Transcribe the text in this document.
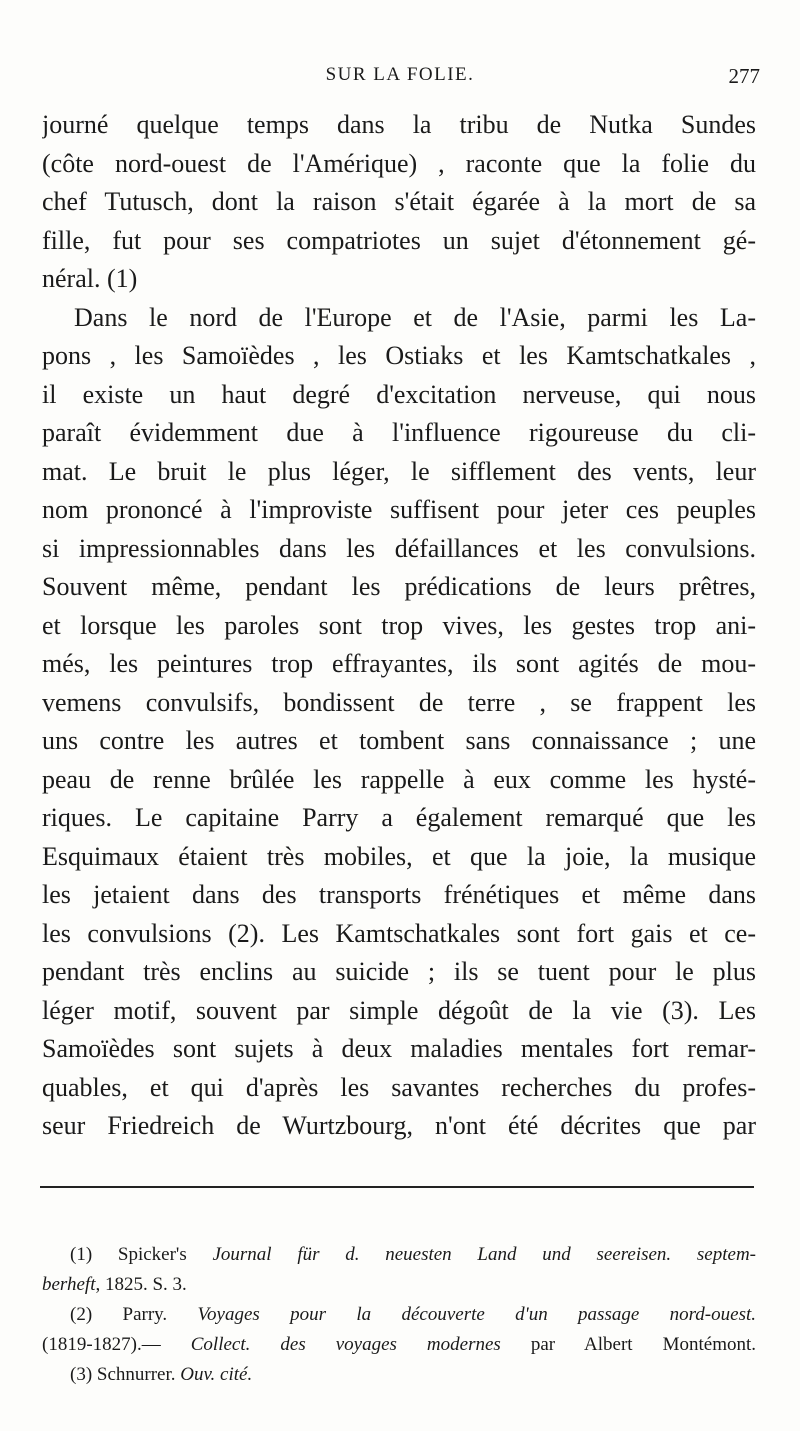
SUR LA FOLIE.	277
journé quelque temps dans la tribu de Nutka Sundes
(côte nord-ouest de l'Amérique) , raconte que la folie du
chef Tutusch, dont la raison s'était égarée à la mort de sa
fille, fut pour ses compatriotes un sujet d'étonnement gé-
néral. (1)
Dans le nord de l'Europe et de l'Asie, parmi les La-
pons , les Samoïèdes , les Ostiaks et les Kamtschatkales ,
il existe un haut degré d'excitation nerveuse, qui nous
paraît évidemment due à l'influence rigoureuse du cli-
mat. Le bruit le plus léger, le sifflement des vents, leur
nom prononcé à l'improviste suffisent pour jeter ces peuples
si impressionnables dans les défaillances et les convulsions.
Souvent même, pendant les prédications de leurs prêtres,
et lorsque les paroles sont trop vives, les gestes trop ani-
més, les peintures trop effrayantes, ils sont agités de mou-
vemens convulsifs, bondissent de terre , se frappent les
uns contre les autres et tombent sans connaissance ; une
peau de renne brûlée les rappelle à eux comme les hysté-
riques. Le capitaine Parry a également remarqué que les
Esquimaux étaient très mobiles, et que la joie, la musique
les jetaient dans des transports frénétiques et même dans
les convulsions (2). Les Kamtschatkales sont fort gais et ce-
pendant très enclins au suicide ; ils se tuent pour le plus
léger motif, souvent par simple dégoût de la vie (3). Les
Samoïèdes sont sujets à deux maladies mentales fort remar-
quables, et qui d'après les savantes recherches du profes-
seur Friedreich de Wurtzbourg, n'ont été décrites que par
(1) Spicker's Journal für d. neuesten Land und seereisen. septem-
berheft, 1825. S. 3.
(2) Parry. Voyages pour la découverte d'un passage nord-ouest.
(1819-1827).— Collect. des voyages modernes par Albert Montémont.
(3) Schnurrer. Ouv. cité.
